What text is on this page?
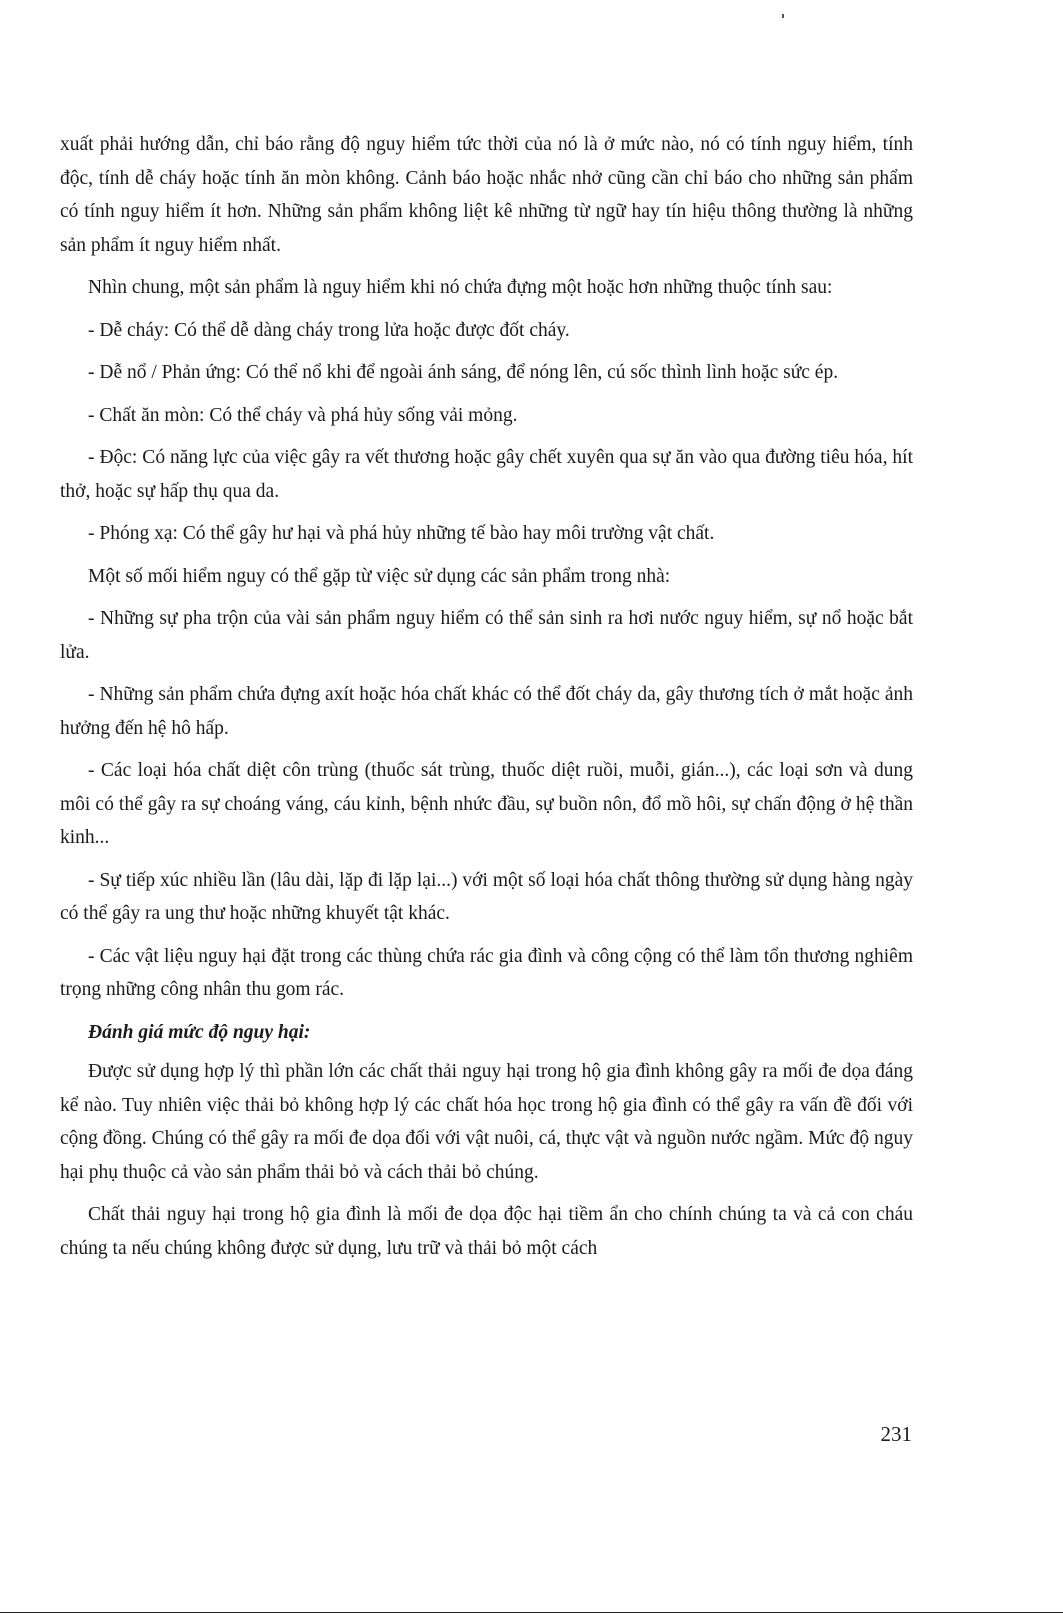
xuất phải hướng dẫn, chỉ báo rằng độ nguy hiểm tức thời của nó là ở mức nào, nó có tính nguy hiểm, tính độc, tính dễ cháy hoặc tính ăn mòn không. Cảnh báo hoặc nhắc nhở cũng cần chỉ báo cho những sản phẩm có tính nguy hiểm ít hơn. Những sản phẩm không liệt kê những từ ngữ hay tín hiệu thông thường là những sản phẩm ít nguy hiểm nhất.

Nhìn chung, một sản phẩm là nguy hiểm khi nó chứa đựng một hoặc hơn những thuộc tính sau:

- Dễ cháy: Có thể dễ dàng cháy trong lửa hoặc được đốt cháy.

- Dễ nổ / Phản ứng: Có thể nổ khi để ngoài ánh sáng, để nóng lên, cú sốc thình lình hoặc sức ép.

- Chất ăn mòn: Có thể cháy và phá hủy sống vải mỏng.

- Độc: Có năng lực của việc gây ra vết thương hoặc gây chết xuyên qua sự ăn vào qua đường tiêu hóa, hít thở, hoặc sự hấp thụ qua da.

- Phóng xạ: Có thể gây hư hại và phá hủy những tế bào hay môi trường vật chất.

Một số mối hiểm nguy có thể gặp từ việc sử dụng các sản phẩm trong nhà:

- Những sự pha trộn của vài sản phẩm nguy hiểm có thể sản sinh ra hơi nước nguy hiểm, sự nổ hoặc bắt lửa.

- Những sản phẩm chứa đựng axít hoặc hóa chất khác có thể đốt cháy da, gây thương tích ở mắt hoặc ảnh hưởng đến hệ hô hấp.

- Các loại hóa chất diệt côn trùng (thuốc sát trùng, thuốc diệt ruồi, muỗi, gián...), các loại sơn và dung môi có thể gây ra sự choáng váng, cáu kỉnh, bệnh nhức đầu, sự buồn nôn, đổ mồ hôi, sự chấn động ở hệ thần kinh...

- Sự tiếp xúc nhiều lần (lâu dài, lặp đi lặp lại...) với một số loại hóa chất thông thường sử dụng hàng ngày có thể gây ra ung thư hoặc những khuyết tật khác.

- Các vật liệu nguy hại đặt trong các thùng chứa rác gia đình và công cộng có thể làm tổn thương nghiêm trọng những công nhân thu gom rác.

Đánh giá mức độ nguy hại:

Được sử dụng hợp lý thì phần lớn các chất thải nguy hại trong hộ gia đình không gây ra mối đe dọa đáng kể nào. Tuy nhiên việc thải bỏ không hợp lý các chất hóa học trong hộ gia đình có thể gây ra vấn đề đối với cộng đồng. Chúng có thể gây ra mối đe dọa đối với vật nuôi, cá, thực vật và nguồn nước ngầm. Mức độ nguy hại phụ thuộc cả vào sản phẩm thải bỏ và cách thải bỏ chúng.

Chất thải nguy hại trong hộ gia đình là mối đe dọa độc hại tiềm ẩn cho chính chúng ta và cả con cháu chúng ta nếu chúng không được sử dụng, lưu trữ và thải bỏ một cách

231
